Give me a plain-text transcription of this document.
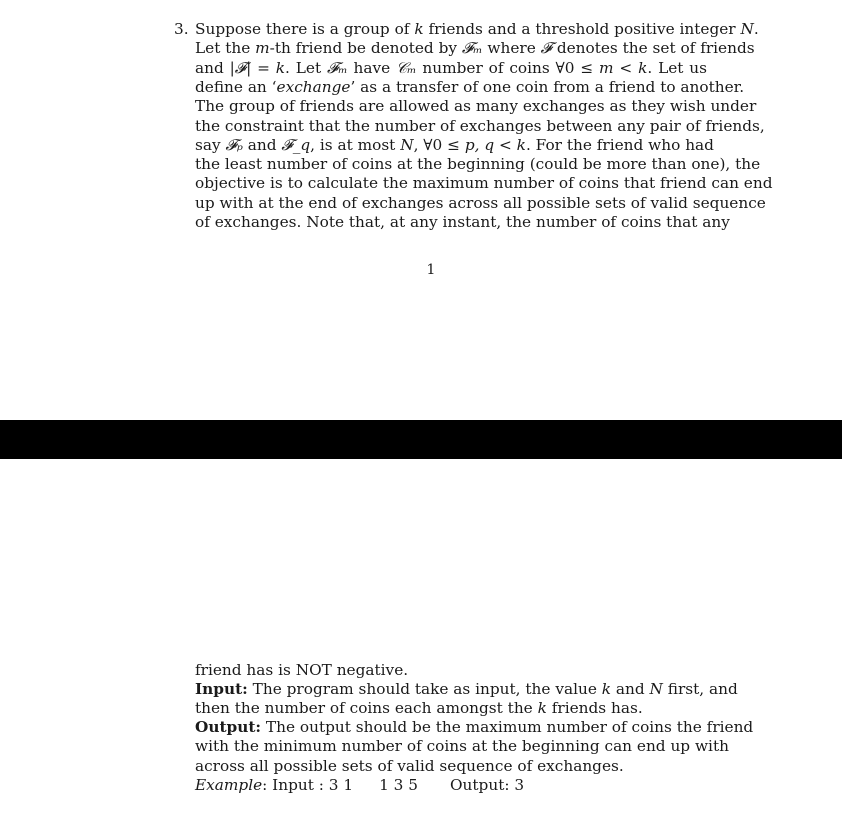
3. Suppose there is a group of k friends and a threshold positive integer N.
Let the m-th friend be denoted by 𝓕ₘ where 𝓕 denotes the set of friends
and |𝓕| = k. Let 𝓕ₘ have 𝒞ₘ number of coins ∀0 ≤ m < k. Let us
define an ‘exchange’ as a transfer of one coin from a friend to another.
The group of friends are allowed as many exchanges as they wish under
the constraint that the number of exchanges between any pair of friends,
say 𝓕ₚ and 𝓕_q, is at most N, ∀0 ≤ p, q < k. For the friend who had
the least number of coins at the beginning (could be more than one), the
objective is to calculate the maximum number of coins that friend can end
up with at the end of exchanges across all possible sets of valid sequence
of exchanges. Note that, at any instant, the number of coins that any
1
friend has is NOT negative.
Input: The program should take as input, the value k and N first, and
then the number of coins each amongst the k friends has.
Output: The output should be the maximum number of coins the friend
with the minimum number of coins at the beginning can end up with
across all possible sets of valid sequence of exchanges.
Example: Input : 3 1 1 3 5 Output: 3
